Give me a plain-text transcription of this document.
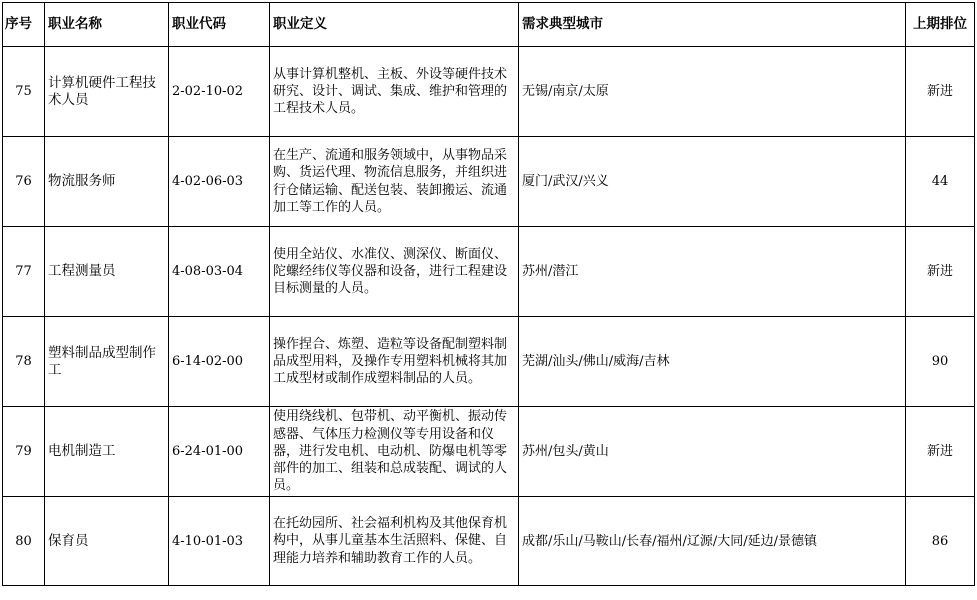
序号	职业名称	职业代码	职业定义	需求典型城市	上期排位
75	计算机硬件工程技术人员	2-02-10-02	从事计算机整机、主板、外设等硬件技术研究、设计、调试、集成、维护和管理的工程技术人员。	无锡/南京/太原	新进
76	物流服务师	4-02-06-03	在生产、流通和服务领域中，从事物品采购、货运代理、物流信息服务，并组织进行仓储运输、配送包装、装卸搬运、流通加工等工作的人员。	厦门/武汉/兴义	44
77	工程测量员	4-08-03-04	使用全站仪、水准仪、测深仪、断面仪、陀螺经纬仪等仪器和设备，进行工程建设目标测量的人员。	苏州/潜江	新进
78	塑料制品成型制作工	6-14-02-00	操作捏合、炼塑、造粒等设备配制塑料制品成型用料，及操作专用塑料机械将其加工成型材或制作成塑料制品的人员。	芜湖/汕头/佛山/威海/吉林	90
79	电机制造工	6-24-01-00	使用绕线机、包带机、动平衡机、振动传感器、气体压力检测仪等专用设备和仪器，进行发电机、电动机、防爆电机等零部件的加工、组装和总成装配、调试的人员。	苏州/包头/黄山	新进
80	保育员	4-10-01-03	在托幼园所、社会福利机构及其他保育机构中，从事儿童基本生活照料、保健、自理能力培养和辅助教育工作的人员。	成都/乐山/马鞍山/长春/福州/辽源/大同/延边/景德镇	86
